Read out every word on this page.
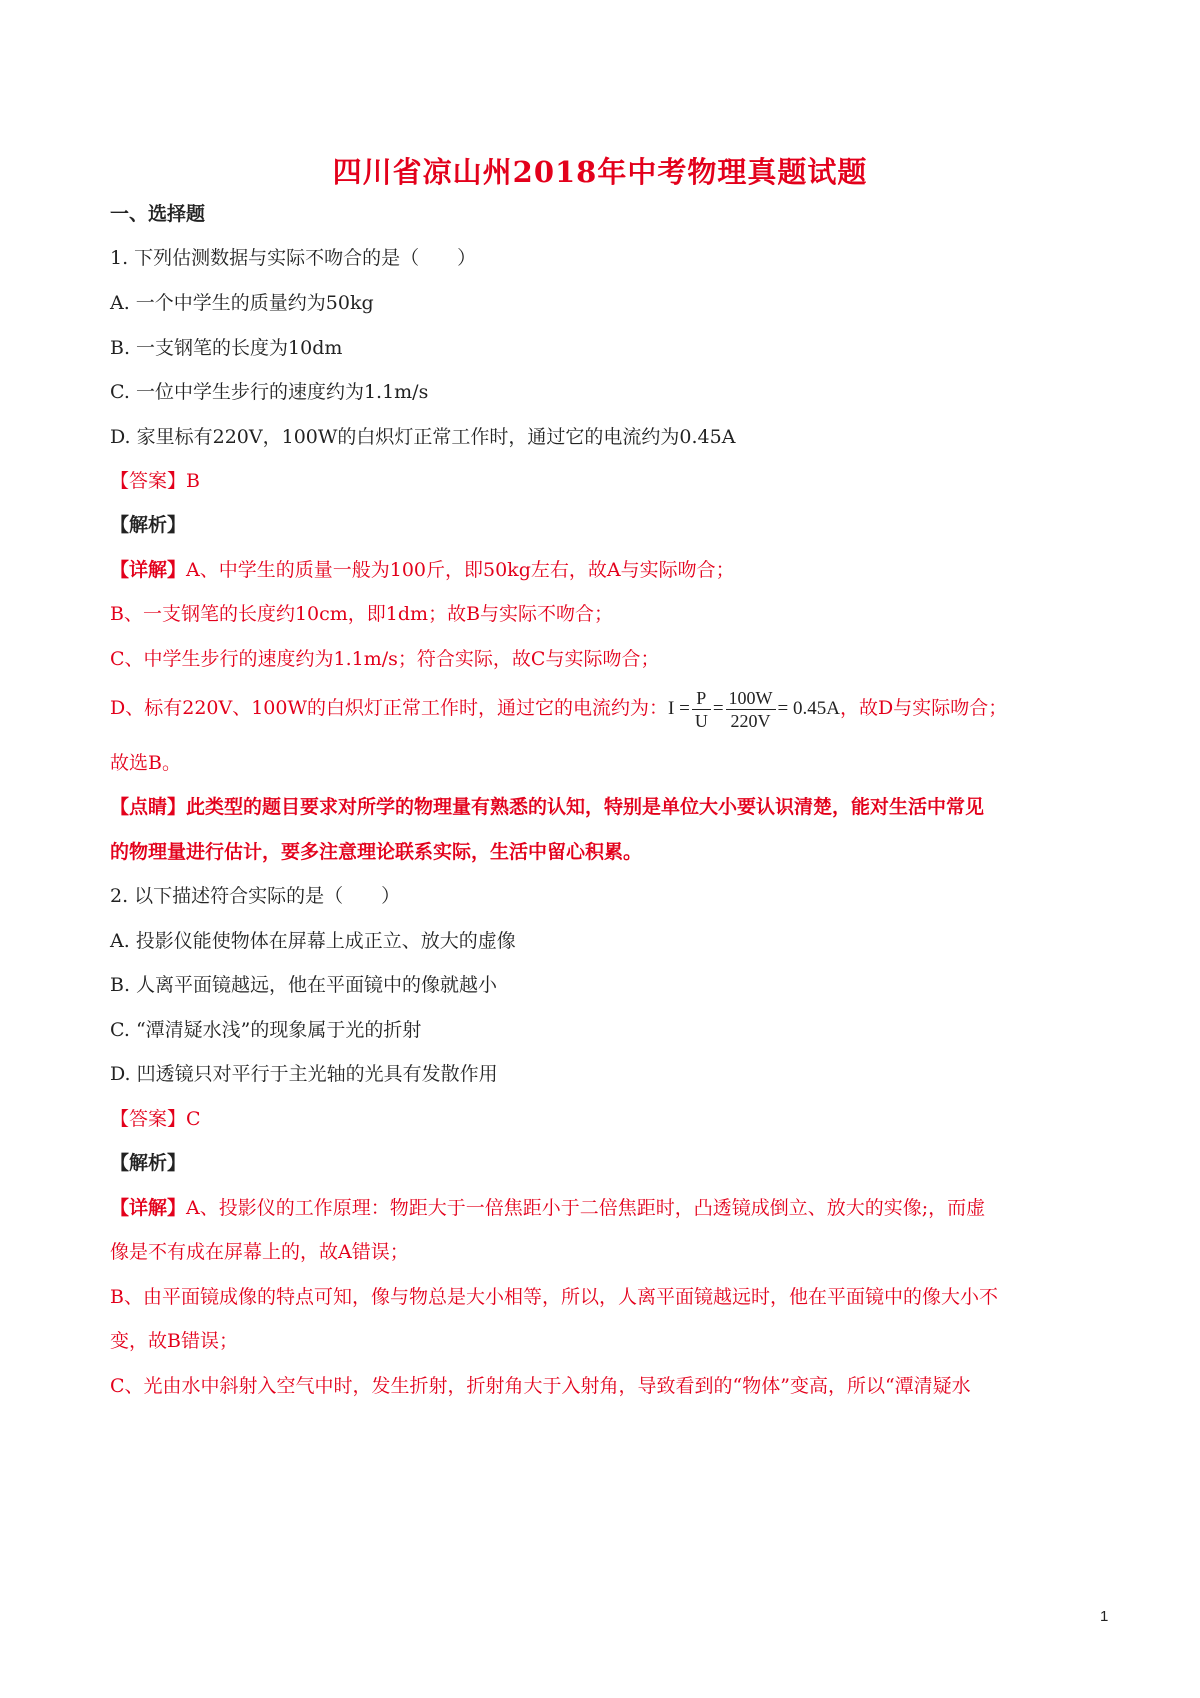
四川省凉山州2018年中考物理真题试题
一、选择题
1. 下列估测数据与实际不吻合的是（　　）
A. 一个中学生的质量约为50kg
B. 一支钢笔的长度为10dm
C. 一位中学生步行的速度约为1.1m/s
D. 家里标有220V，100W的白炽灯正常工作时，通过它的电流约为0.45A
【答案】B
【解析】
【详解】A、中学生的质量一般为100斤，即50kg左右，故A与实际吻合；
B、一支钢笔的长度约10cm，即1dm；故B与实际不吻合；
C、中学生步行的速度约为1.1m/s；符合实际，故C与实际吻合；
D、标有220V、100W的白炽灯正常工作时，通过它的电流约为：$I = \frac{P}{U} = \frac{100W}{220V} = 0.45A$，故D与实际吻合；
故选B。
【点睛】此类型的题目要求对所学的物理量有熟悉的认知，特别是单位大小要认识清楚，能对生活中常见
的物理量进行估计，要多注意理论联系实际，生活中留心积累。
2. 以下描述符合实际的是（　　）
A. 投影仪能使物体在屏幕上成正立、放大的虚像
B. 人离平面镜越远，他在平面镜中的像就越小
C. “潭清疑水浅”的现象属于光的折射
D. 凹透镜只对平行于主光轴的光具有发散作用
【答案】C
【解析】
【详解】A、投影仪的工作原理：物距大于一倍焦距小于二倍焦距时，凸透镜成倒立、放大的实像;，而虚
像是不有成在屏幕上的，故A错误；
B、由平面镜成像的特点可知，像与物总是大小相等，所以，人离平面镜越远时，他在平面镜中的像大小不
变，故B错误；
C、光由水中斜射入空气中时，发生折射，折射角大于入射角，导致看到的“物体”变高，所以“潭清疑水
1
